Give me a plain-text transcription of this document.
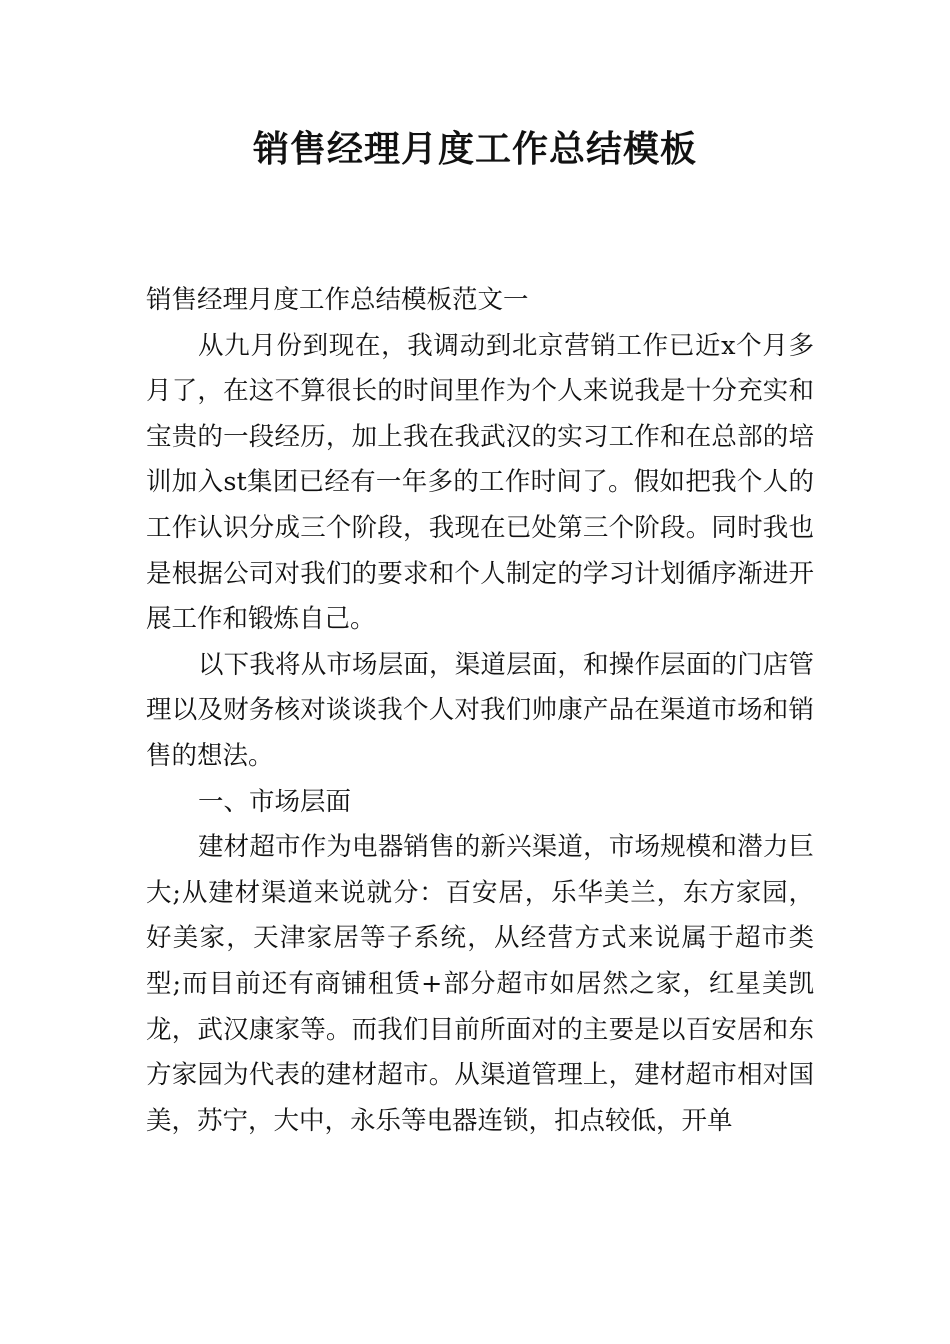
销售经理月度工作总结模板

销售经理月度工作总结模板范文一

从九月份到现在，我调动到北京营销工作已近x个月多月了，在这不算很长的时间里作为个人来说我是十分充实和宝贵的一段经历，加上我在我武汉的实习工作和在总部的培训加入st集团已经有一年多的工作时间了。假如把我个人的工作认识分成三个阶段，我现在已处第三个阶段。同时我也是根据公司对我们的要求和个人制定的学习计划循序渐进开展工作和锻炼自己。

以下我将从市场层面，渠道层面，和操作层面的门店管理以及财务核对谈谈我个人对我们帅康产品在渠道市场和销售的想法。

一、市场层面

建材超市作为电器销售的新兴渠道，市场规模和潜力巨大;从建材渠道来说就分：百安居，乐华美兰，东方家园，好美家，天津家居等子系统，从经营方式来说属于超市类型;而目前还有商铺租赁+部分超市如居然之家，红星美凯龙，武汉康家等。而我们目前所面对的主要是以百安居和东方家园为代表的建材超市。从渠道管理上，建材超市相对国美，苏宁，大中，永乐等电器连锁，扣点较低，开单
